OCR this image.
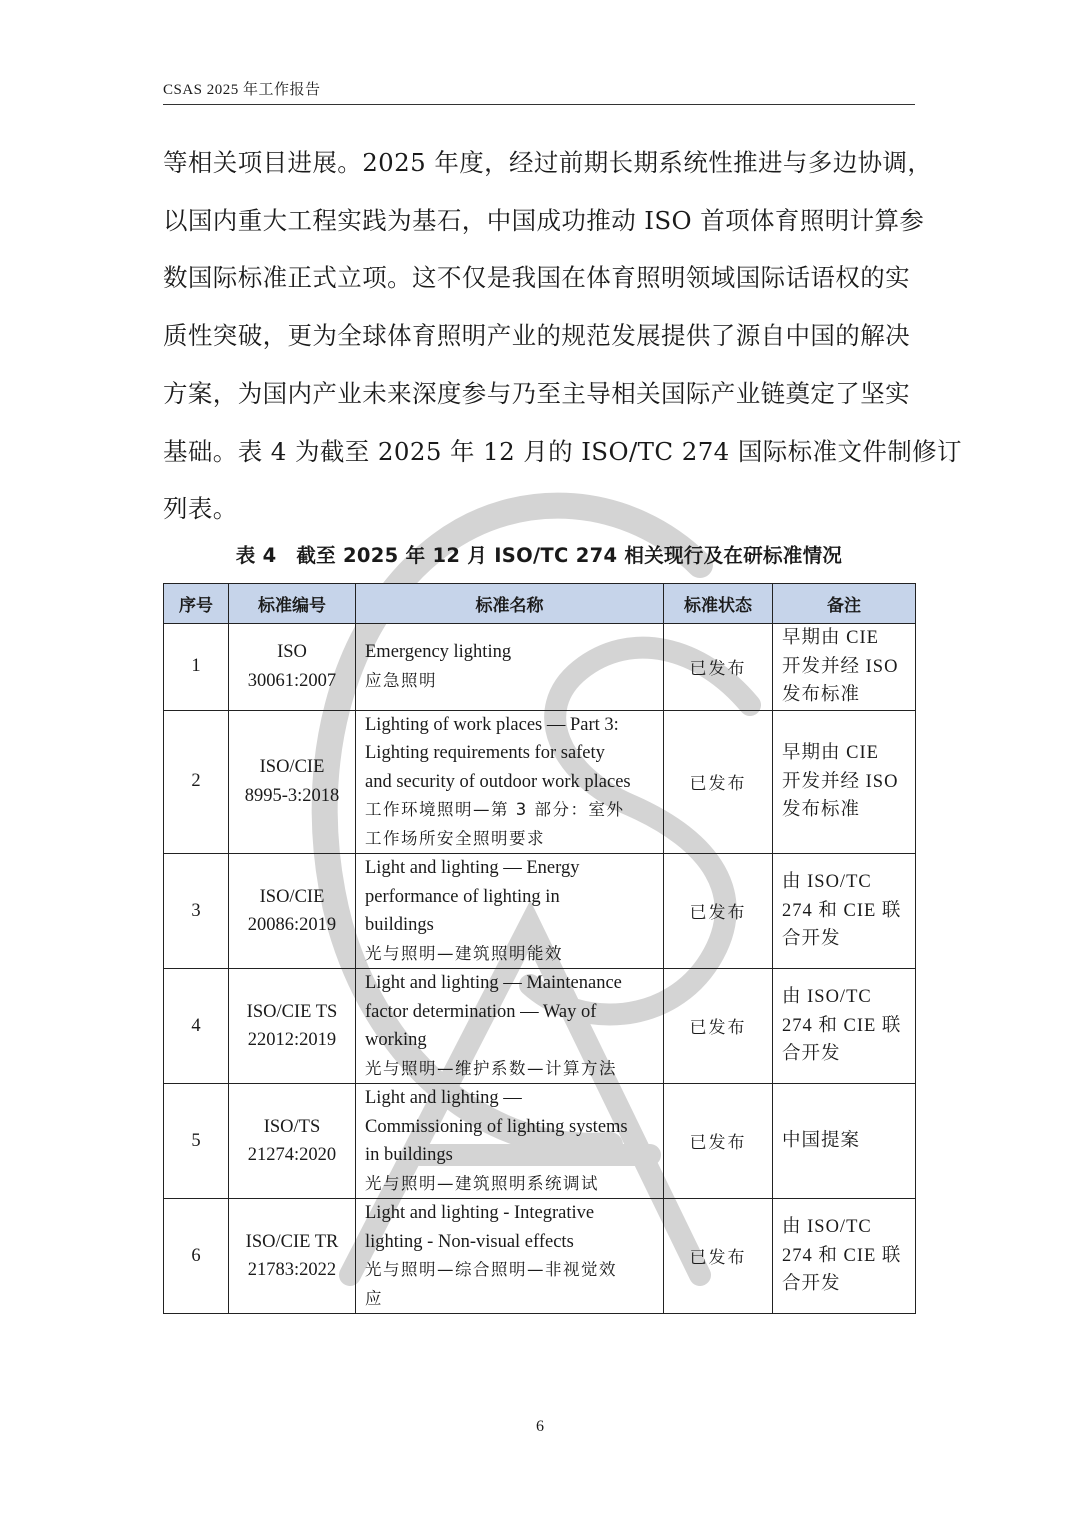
CSAS 2025 年工作报告
等相关项目进展。2025 年度，经过前期长期系统性推进与多边协调，
以国内重大工程实践为基石，中国成功推动 ISO 首项体育照明计算参
数国际标准正式立项。这不仅是我国在体育照明领域国际话语权的实
质性突破，更为全球体育照明产业的规范发展提供了源自中国的解决
方案，为国内产业未来深度参与乃至主导相关国际产业链奠定了坚实
基础。表 4 为截至 2025 年 12 月的 ISO/TC 274 国际标准文件制修订
列表。
表 4　截至 2025 年 12 月 ISO/TC 274 相关现行及在研标准情况
序号	标准编号	标准名称	标准状态	备注
1	ISO
30061:2007	Emergency lighting
应急照明	已发布	早期由 CIE
开发并经 ISO
发布标准

2	ISO/CIE
8995-3:2018	Lighting of work places — Part 3:
Lighting requirements for safety
and security of outdoor work places
工作环境照明—第 3 部分：室外
工作场所安全照明要求	已发布	早期由 CIE
开发并经 ISO
发布标准

3	ISO/CIE
20086:2019	Light and lighting — Energy
performance of lighting in
buildings
光与照明—建筑照明能效	已发布	由 ISO/TC
274 和 CIE 联
合开发

4	ISO/CIE TS
22012:2019	Light and lighting — Maintenance
factor determination — Way of
working
光与照明—维护系数—计算方法	已发布	由 ISO/TC
274 和 CIE 联
合开发

5	ISO/TS
21274:2020	Light and lighting —
Commissioning of lighting systems
in buildings
光与照明—建筑照明系统调试	已发布	中国提案

6	ISO/CIE TR
21783:2022	Light and lighting - Integrative
lighting - Non-visual effects
光与照明—综合照明—非视觉效
应	已发布	由 ISO/TC
274 和 CIE 联
合开发
6
